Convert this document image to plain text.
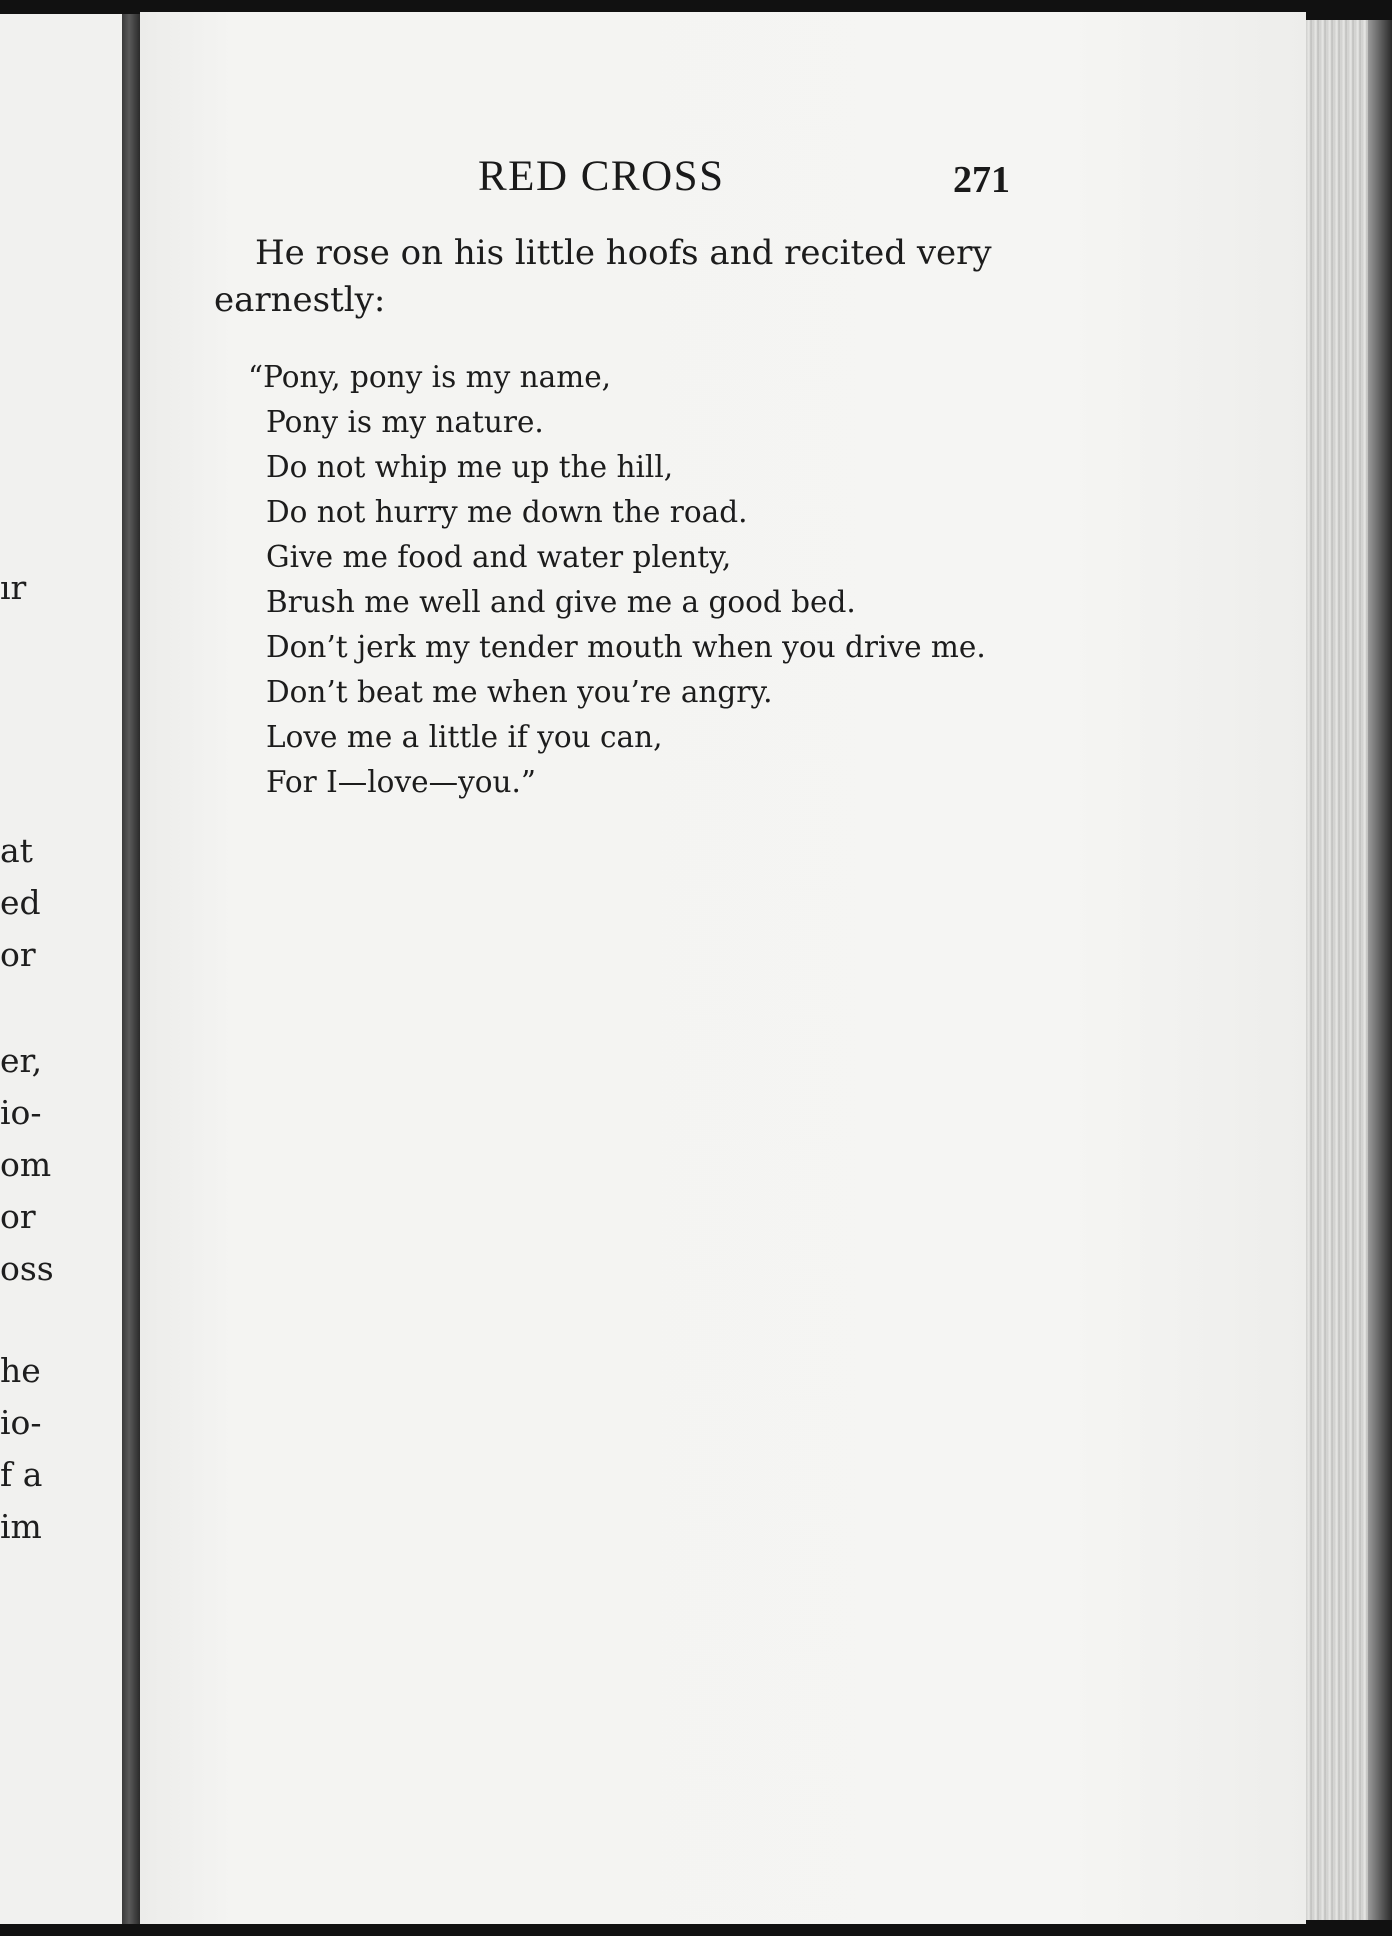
ır
at
ed
or
er,
io-
om
or
oss
he
io-
f a
im
RED CROSS	271
He rose on his little hoofs and recited very
earnestly:
“Pony, pony is my name,
Pony is my nature.
Do not whip me up the hill,
Do not hurry me down the road.
Give me food and water plenty,
Brush me well and give me a good bed.
Don’t jerk my tender mouth when you drive me.
Don’t beat me when you’re angry.
Love me a little if you can,
For I—love—you.”
